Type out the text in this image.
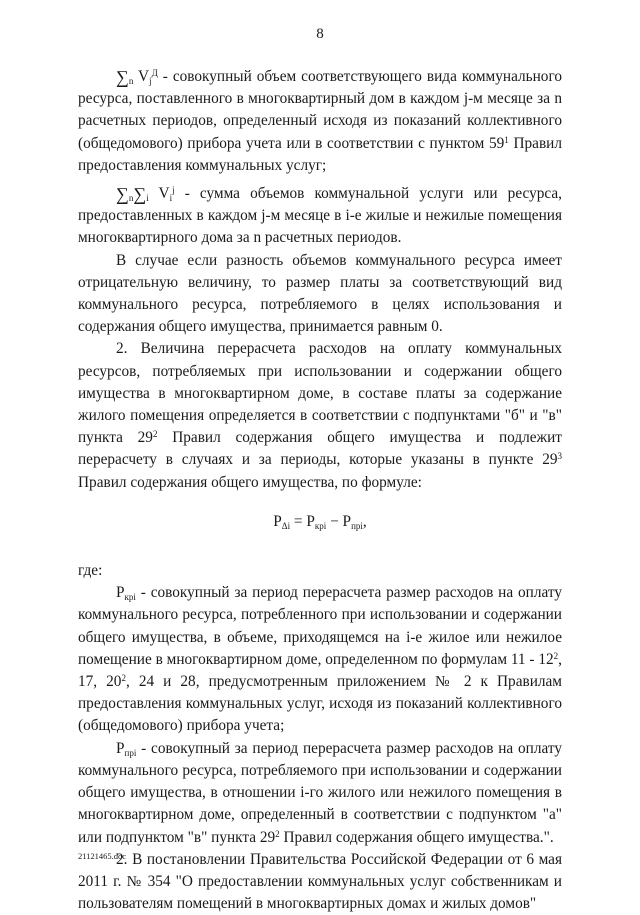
8

$\sum_n$ $V_j^Д$ - совокупный объем соответствующего вида коммунального ресурса, поставленного в многоквартирный дом в каждом j-м месяце за n расчетных периодов, определенный исходя из показаний коллективного (общедомового) прибора учета или в соответствии с пунктом $59^1$ Правил предоставления коммунальных услуг;

$\sum_n\sum_i$ $V_i^j$ - сумма объемов коммунальной услуги или ресурса, предоставленных в каждом j-м месяце в i-е жилые и нежилые помещения многоквартирного дома за n расчетных периодов.

В случае если разность объемов коммунального ресурса имеет отрицательную величину, то размер платы за соответствующий вид коммунального ресурса, потребляемого в целях использования и содержания общего имущества, принимается равным 0.

2. Величина перерасчета расходов на оплату коммунальных ресурсов, потребляемых при использовании и содержании общего имущества в многоквартирном доме, в составе платы за содержание жилого помещения определяется в соответствии с подпунктами "б" и "в" пункта $29^2$ Правил содержания общего имущества и подлежит перерасчету в случаях и за периоды, которые указаны в пункте $29^3$ Правил содержания общего имущества, по формуле:

$P_{\Delta i} = P_{крi} - P_{прi}$,

где:

$P_{крi}$ - совокупный за период перерасчета размер расходов на оплату коммунального ресурса, потребленного при использовании и содержании общего имущества, в объеме, приходящемся на i-е жилое или нежилое помещение в многоквартирном доме, определенном по формулам $11 - 12^2$, 17, $20^2$, 24 и 28, предусмотренным приложением № 2 к Правилам предоставления коммунальных услуг, исходя из показаний коллективного (общедомового) прибора учета;

$P_{прi}$ - совокупный за период перерасчета размер расходов на оплату коммунального ресурса, потребляемого при использовании и содержании общего имущества, в отношении i-го жилого или нежилого помещения в многоквартирном доме, определенный в соответствии с подпунктом "а" или подпунктом "в" пункта $29^2$ Правил содержания общего имущества.".

2. В постановлении Правительства Российской Федерации от 6 мая 2011 г. № 354 "О предоставлении коммунальных услуг собственникам и пользователям помещений в многоквартирных домах и жилых домов"

21121465.doc
